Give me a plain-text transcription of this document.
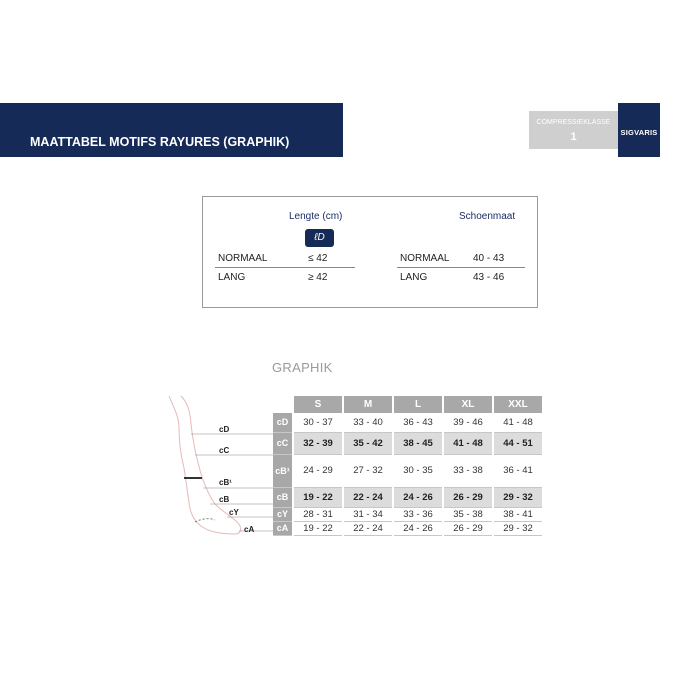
MAATTABEL MOTIFS RAYURES (GRAPHIK)
COMPRESSIEKLASSE
1	SIGVARIS
Lengte (cm)	Schoenmaat
ℓD
NORMAAL	≤ 42	NORMAAL 40 - 43
LANG	≥ 42	LANG	43 - 46
GRAPHIK
cD
cC
cB¹
cB
cY
cA
	S	M	L	XL	XXL
cD	30 - 37	33 - 40	36 - 43	39 - 46	41 - 48
cC	32 - 39	35 - 42	38 - 45	41 - 48	44 - 51
cB¹	24 - 29	27 - 32	30 - 35	33 - 38	36 - 41
cB	19 - 22	22 - 24	24 - 26	26 - 29	29 - 32
cY	28 - 31	31 - 34	33 - 36	35 - 38	38 - 41
cA	19 - 22	22 - 24	24 - 26	26 - 29	29 - 32
